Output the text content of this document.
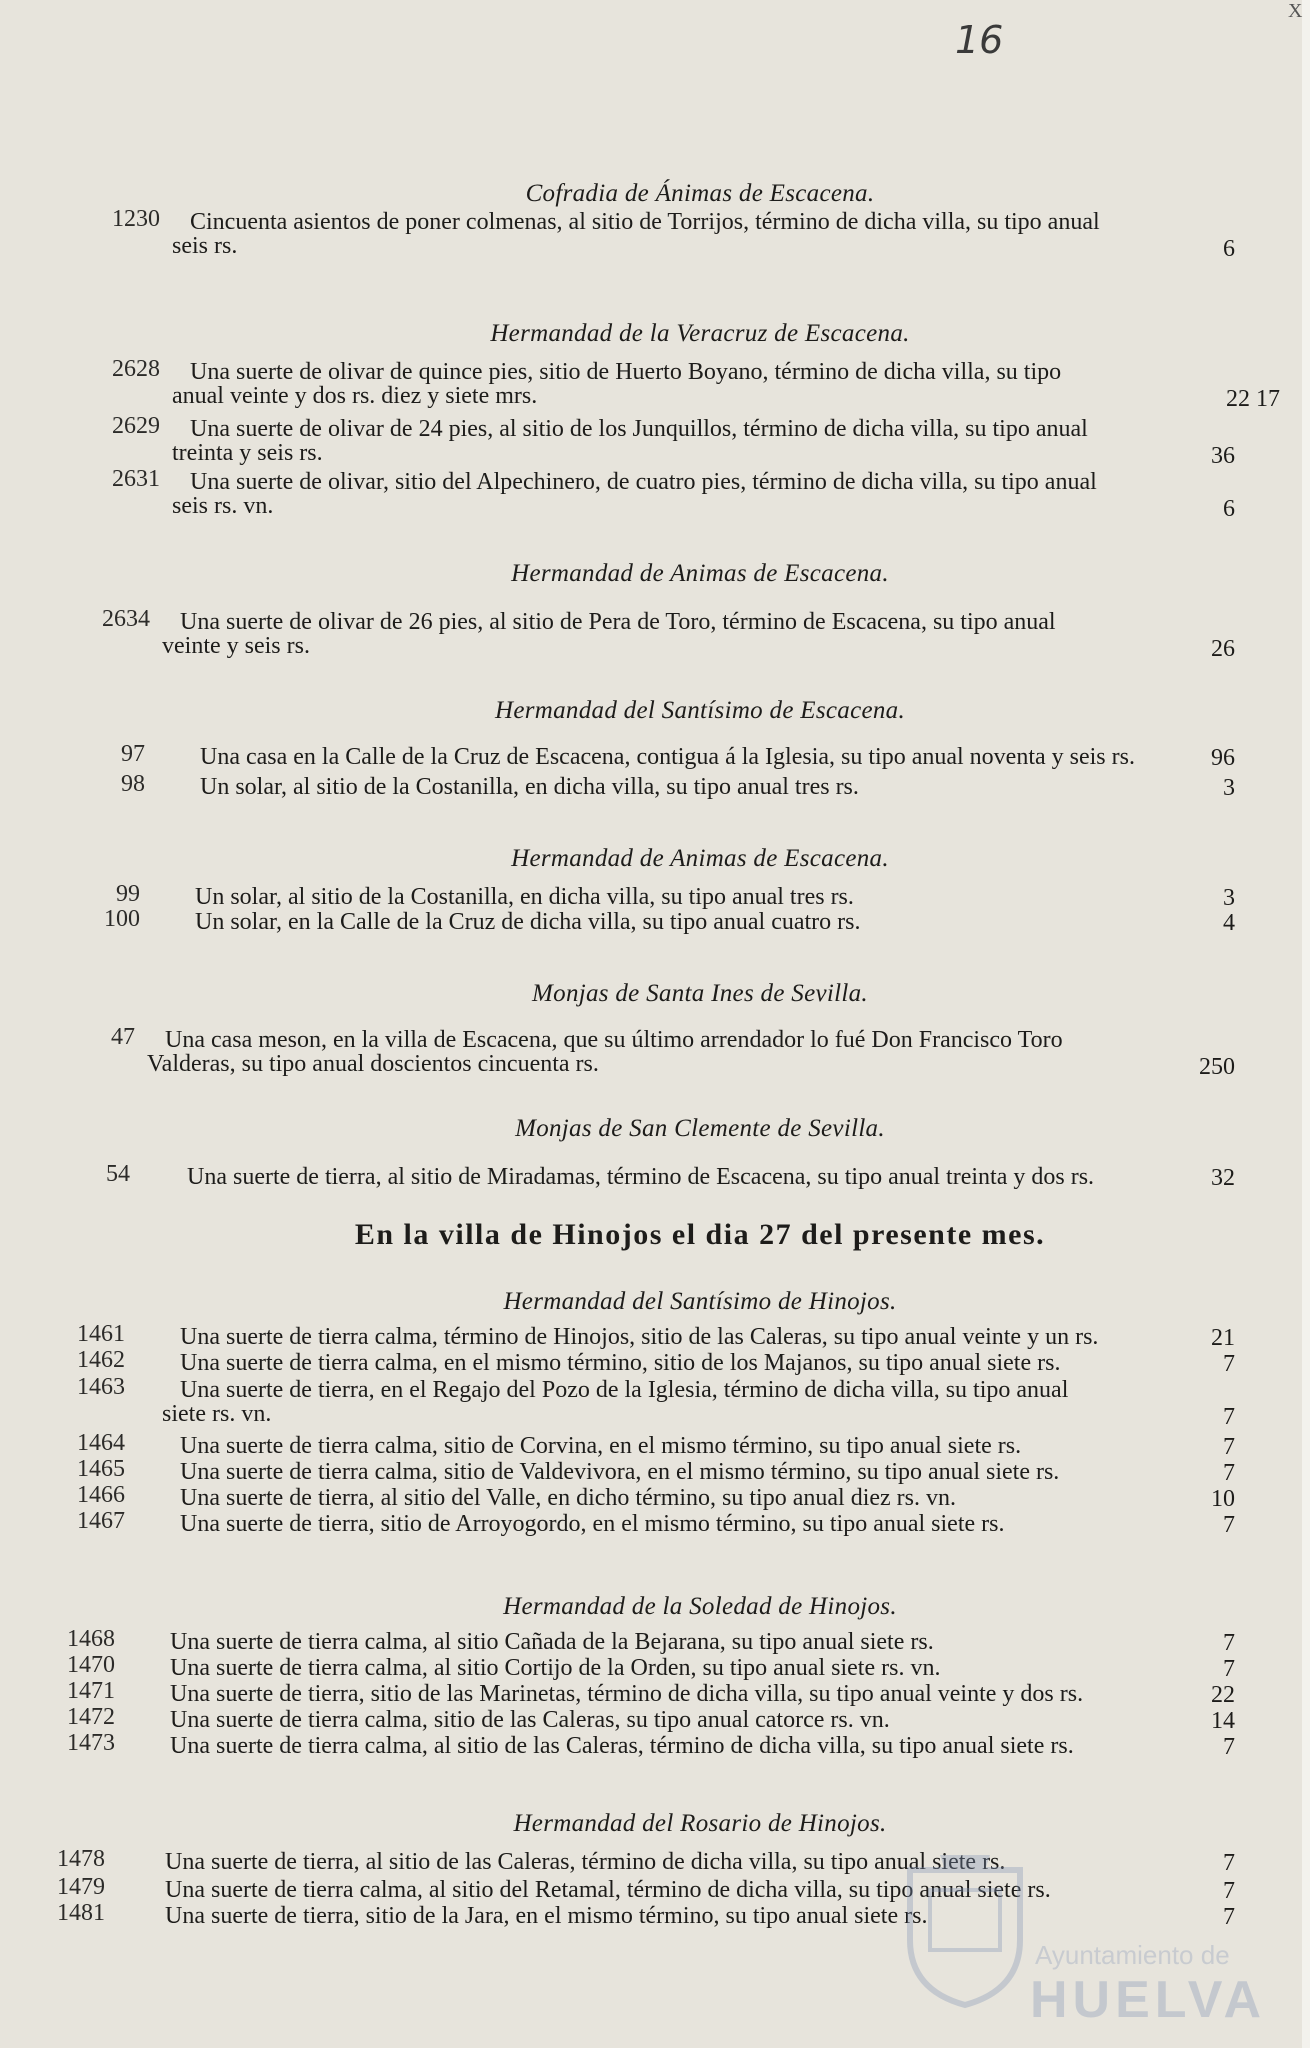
X
16
Cofradia de Ánimas de Escacena.
1230 Cincuenta asientos de poner colmenas, al sitio de Torrijos, término de dicha villa, su tipo anual
seis rs.	6
Hermandad de la Veracruz de Escacena.
2628 Una suerte de olivar de quince pies, sitio de Huerto Boyano, término de dicha villa, su tipo
anual veinte y dos rs. diez y siete mrs.	22 17
2629 Una suerte de olivar de 24 pies, al sitio de los Junquillos, término de dicha villa, su tipo anual
treinta y seis rs.	36
2631 Una suerte de olivar, sitio del Alpechinero, de cuatro pies, término de dicha villa, su tipo anual
seis rs. vn.	6
Hermandad de Animas de Escacena.
2634 Una suerte de olivar de 26 pies, al sitio de Pera de Toro, término de Escacena, su tipo anual
veinte y seis rs.	26
Hermandad del Santísimo de Escacena.
97 Una casa en la Calle de la Cruz de Escacena, contigua á la Iglesia, su tipo anual noventa y seis rs.	96
98 Un solar, al sitio de la Costanilla, en dicha villa, su tipo anual tres rs.	3
Hermandad de Animas de Escacena.
99 Un solar, al sitio de la Costanilla, en dicha villa, su tipo anual tres rs.	3
100 Un solar, en la Calle de la Cruz de dicha villa, su tipo anual cuatro rs.	4
Monjas de Santa Ines de Sevilla.
47 Una casa meson, en la villa de Escacena, que su último arrendador lo fué Don Francisco Toro
Valderas, su tipo anual doscientos cincuenta rs.	250
Monjas de San Clemente de Sevilla.
54 Una suerte de tierra, al sitio de Miradamas, término de Escacena, su tipo anual treinta y dos rs.	32
Hermandad del Santísimo de Hinojos.
1461 Una suerte de tierra calma, término de Hinojos, sitio de las Caleras, su tipo anual veinte y un rs.	21
1462 Una suerte de tierra calma, en el mismo término, sitio de los Majanos, su tipo anual siete rs.	7
1463 Una suerte de tierra, en el Regajo del Pozo de la Iglesia, término de dicha villa, su tipo anual
siete rs. vn.	7
1464 Una suerte de tierra calma, sitio de Corvina, en el mismo término, su tipo anual siete rs.	7
1465 Una suerte de tierra calma, sitio de Valdevivora, en el mismo término, su tipo anual siete rs.	7
1466 Una suerte de tierra, al sitio del Valle, en dicho término, su tipo anual diez rs. vn.	10
1467 Una suerte de tierra, sitio de Arroyogordo, en el mismo término, su tipo anual siete rs.	7
Hermandad de la Soledad de Hinojos.
1468 Una suerte de tierra calma, al sitio Cañada de la Bejarana, su tipo anual siete rs.	7
1470 Una suerte de tierra calma, al sitio Cortijo de la Orden, su tipo anual siete rs. vn.	7
1471 Una suerte de tierra, sitio de las Marinetas, término de dicha villa, su tipo anual veinte y dos rs.	22
1472 Una suerte de tierra calma, sitio de las Caleras, su tipo anual catorce rs. vn.	14
1473 Una suerte de tierra calma, al sitio de las Caleras, término de dicha villa, su tipo anual siete rs.	7
Hermandad del Rosario de Hinojos.
1478	Una suerte de tierra, al sitio de las Caleras, término de dicha villa, su tipo anual siete rs.	7
1479	Una suerte de tierra calma, al sitio del Retamal, término de dicha villa, su tipo anual siete rs.	7
1481	Una suerte de tierra, sitio de la Jara, en el mismo término, su tipo anual siete rs.	7
En la villa de Hinojos el dia 27 del presente mes.
Ayuntamiento de
HUELVA
